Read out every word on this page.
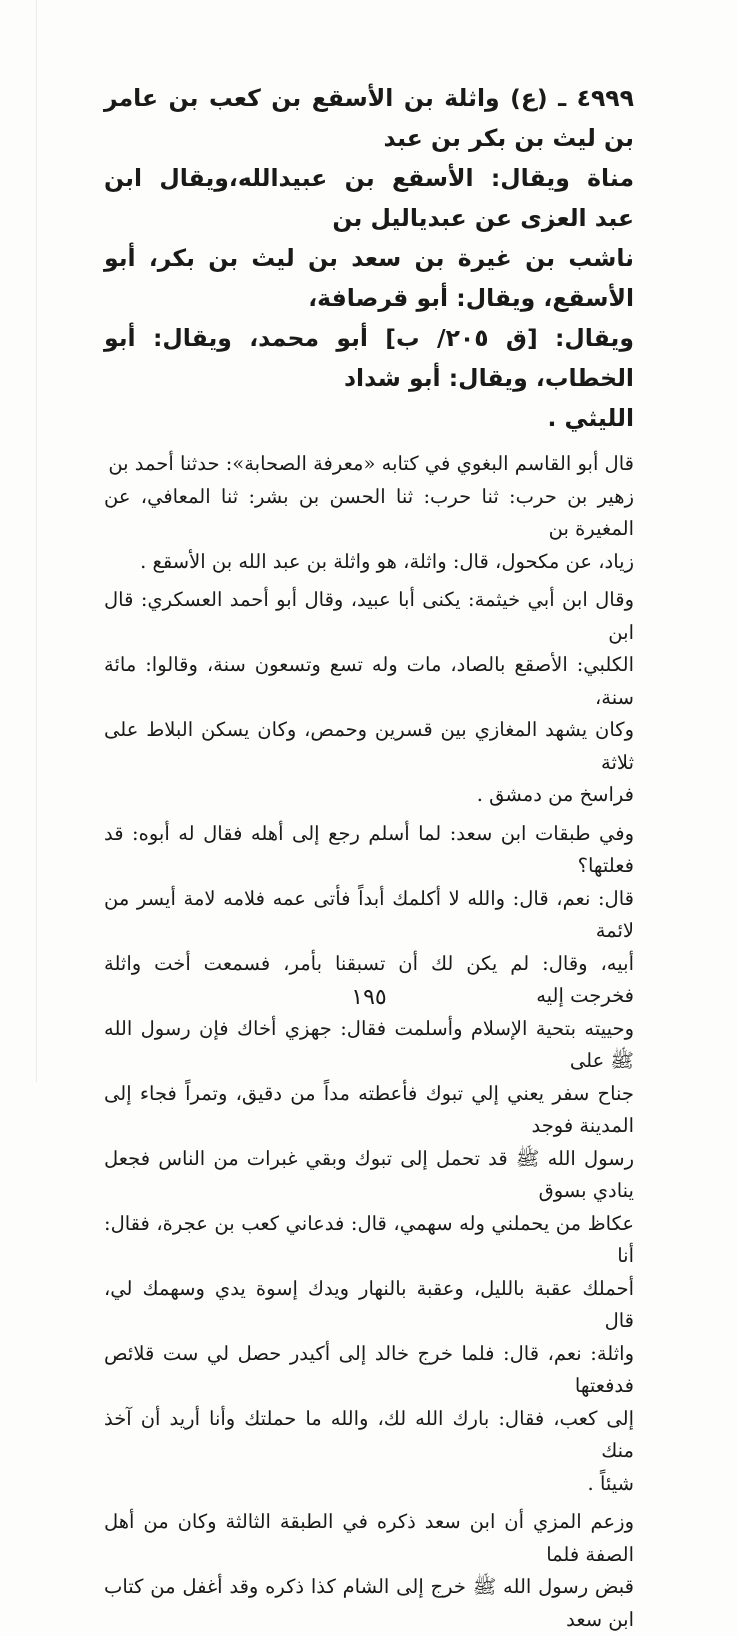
٤٩٩٩ ـ (ع) واثلة بن الأسقع بن كعب بن عامر بن ليث بن بكر بن عبد
مناة ويقال: الأسقع بن عبيدالله،ويقال ابن عبد العزى عن عبدياليل بن
ناشب بن غيرة بن سعد بن ليث بن بكر، أبو الأسقع، ويقال: أبو قرصافة،
ويقال: [ق ٢٠٥/ ب] أبو محمد، ويقال: أبو الخطاب، ويقال: أبو شداد
الليثي .

قال أبو القاسم البغوي في كتابه «معرفة الصحابة»: حدثنا أحمد بن
زهير بن حرب: ثنا حرب: ثنا الحسن بن بشر: ثنا المعافي، عن المغيرة بن
زياد، عن مكحول، قال: واثلة، هو واثلة بن عبد الله بن الأسقع .

وقال ابن أبي خيثمة: يكنى أبا عبيد، وقال أبو أحمد العسكري: قال ابن
الكلبي: الأصقع بالصاد، مات وله تسع وتسعون سنة، وقالوا: مائة سنة،
وكان يشهد المغازي بين قسرين وحمص، وكان يسكن البلاط على ثلاثة
فراسخ من دمشق .

وفي طبقات ابن سعد: لما أسلم رجع إلى أهله فقال له أبوه: قد فعلتها؟
قال: نعم، قال: والله لا أكلمك أبداً فأتى عمه فلامه لامة أيسر من لائمة
أبيه، وقال: لم يكن لك أن تسبقنا بأمر، فسمعت أخت واثلة فخرجت إليه
وحييته بتحية الإسلام وأسلمت فقال: جهزي أخاك فإن رسول الله ﷺ على
جناح سفر يعني إلي تبوك فأعطته مداً من دقيق، وتمراً فجاء إلى المدينة فوجد
رسول الله ﷺ قد تحمل إلى تبوك وبقي غبرات من الناس فجعل ينادي بسوق
عكاظ من يحملني وله سهمي، قال: فدعاني كعب بن عجرة، فقال: أنا
أحملك عقبة بالليل، وعقبة بالنهار ويدك إسوة يدي وسهمك لي، قال
واثلة: نعم، قال: فلما خرج خالد إلى أكيدر حصل لي ست قلائص فدفعتها
إلى كعب، فقال: بارك الله لك، والله ما حملتك وأنا أريد أن آخذ منك
شيئاً .

وزعم المزي أن ابن سعد ذكره في الطبقة الثالثة وكان من أهل الصفة فلما
قبض رسول الله ﷺ خرج إلى الشام كذا ذكره وقد أغفل من كتاب ابن سعد

١٩٥
